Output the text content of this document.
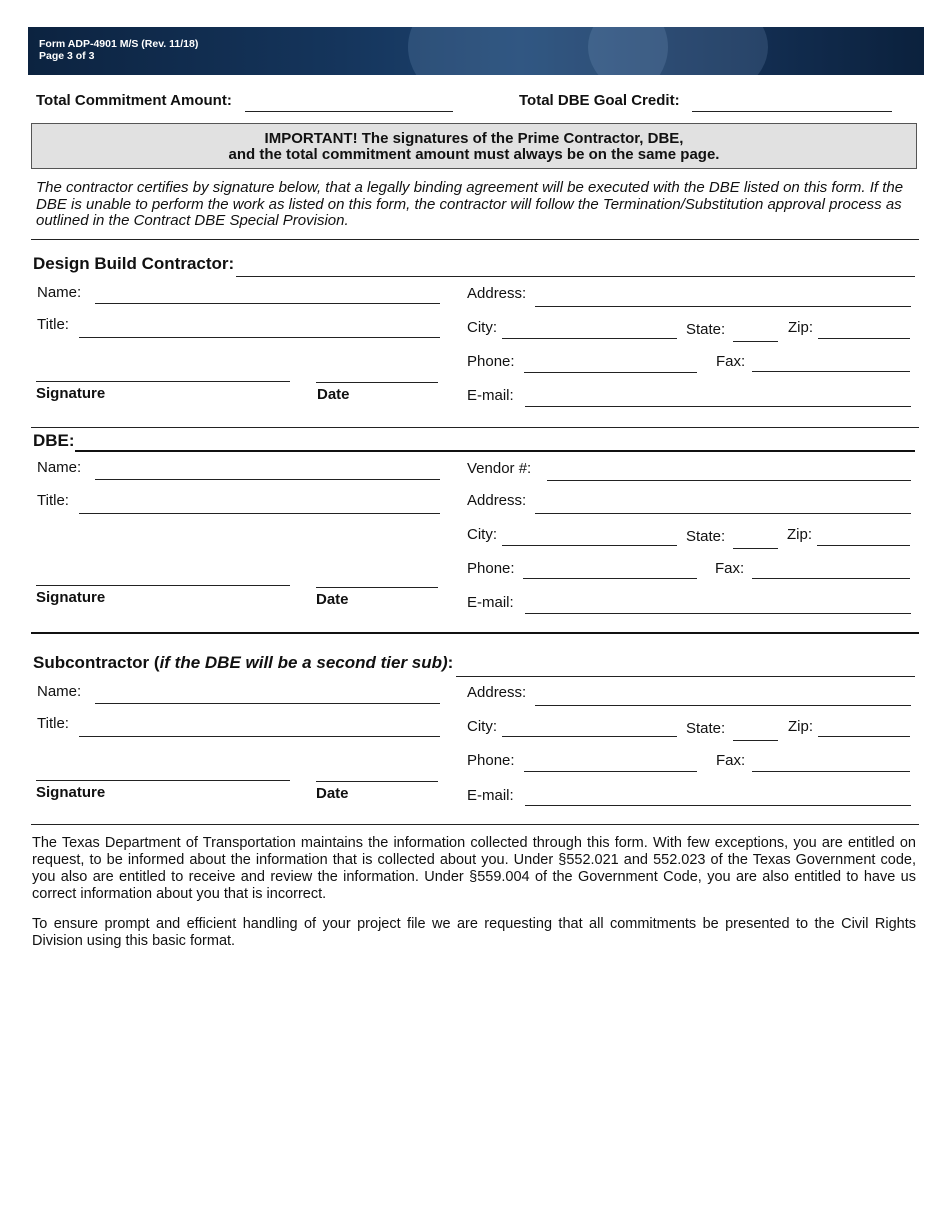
Form ADP-4901 M/S (Rev. 11/18)
Page 3 of 3
Total Commitment Amount:	Total DBE Goal Credit:
IMPORTANT! The signatures of the Prime Contractor, DBE,
and the total commitment amount must always be on the same page.
The contractor certifies by signature below, that a legally binding agreement will be executed with the DBE listed on this form. If the DBE is unable to perform the work as listed on this form, the contractor will follow the Termination/Substitution approval process as outlined in the Contract DBE Special Provision.
Design Build Contractor:
Name:
Title:
Signature	Date
Address:
City:	State:	Zip:
Phone:	Fax:
E-mail:
DBE:
Name:
Title:
Signature	Date
Vendor #:
Address:
City:	State:	Zip:
Phone:	Fax:
E-mail:
Subcontractor (if the DBE will be a second tier sub):
Name:
Title:
Signature	Date
Address:
City:	State:	Zip:
Phone:	Fax:
E-mail:
The Texas Department of Transportation maintains the information collected through this form. With few exceptions, you are entitled on request, to be informed about the information that is collected about you. Under §552.021 and 552.023 of the Texas Government code, you also are entitled to receive and review the information. Under §559.004 of the Government Code, you are also entitled to have us correct information about you that is incorrect.
To ensure prompt and efficient handling of your project file we are requesting that all commitments be presented to the Civil Rights Division using this basic format.
